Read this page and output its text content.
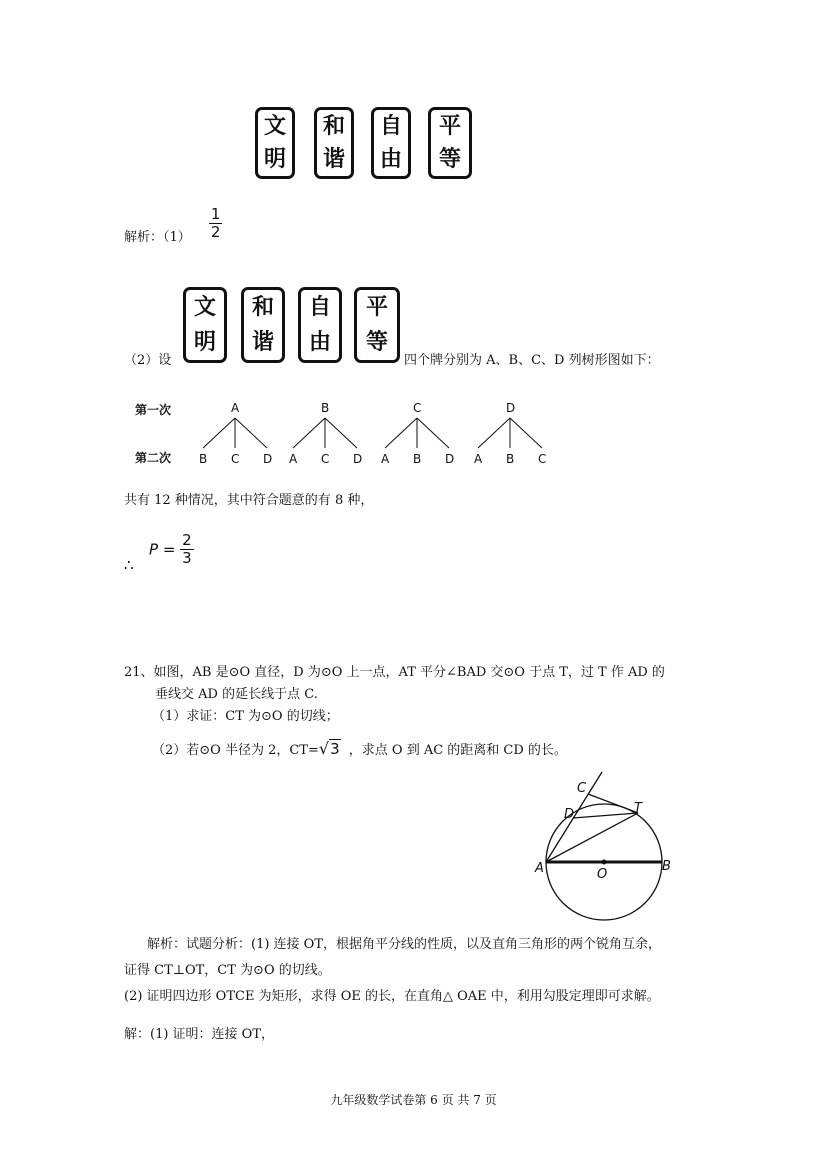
文
明
和
谐
自
由
平
等
解析：$(1) \frac{1}{2}$
（2）设
文
明
和
谐
自
由
平
等
四个牌分别为 A、B、C、D 列树形图如下：
第一次
第二次
A
B C D
B
A C D
C
A B D
D
A B C
共有 12 种情况，其中符合题意的有 8 种，
∴
$P = \frac{2}{3}$
21、如图，AB 是⊙O 直径，D 为⊙O 上一点，AT 平分∠BAD 交⊙O 于点 T，过 T 作 AD 的
垂线交 AD 的延长线于点 C.
（1）求证：CT 为⊙O 的切线；
（2）若⊙O 半径为 2，CT=√3 ，求点 O 到 AC 的距离和 CD 的长。
C
D	T
A	O
B
解析：试题分析：(1) 连接 OT，根据角平分线的性质，以及直角三角形的两个锐角互余，
证得 CT⊥OT，CT 为⊙O 的切线。
(2) 证明四边形 OTCE 为矩形，求得 OE 的长，在直角△ OAE 中，利用勾股定理即可求解。
解：(1) 证明：连接 OT，
九年级数学试卷第 6 页 共 7 页
